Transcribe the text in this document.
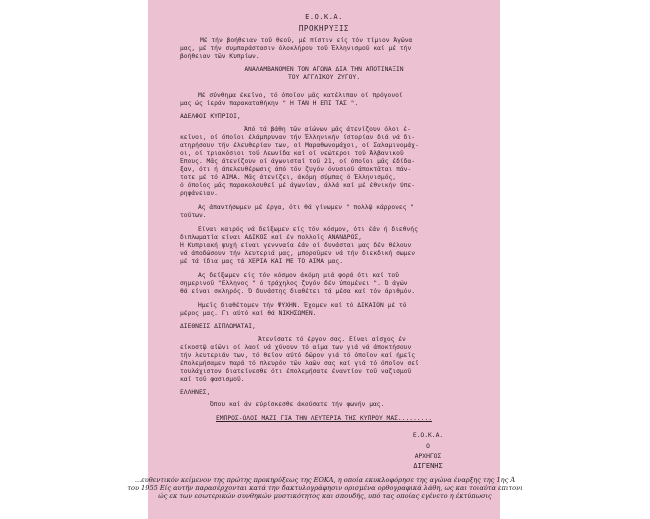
Ε.Ο.Κ.Α.
ΠΡΟΚΗΡΥΞΙΣ
Μέ τήν βοήθειαν τοῦ θεοῦ, μέ πίστιν είς τόν τίμιον Άγῶνα
μας, μέ τήν συμπαράστασιν όλοκλήρου τοῦ Έλληνισμοῦ καί μέ τήν
βοήθειαν τῶν Κυπρίων.
ΑΝΑΛΑΜΒΑΝΟΜΕΝ ΤΟΝ ΑΓΩΝΑ ΔΙΑ ΤΗΝ ΑΠΟΤΙΝΑΞΙΝ
ΤΟΥ ΑΓΓΛΙΚΟΥ ΖΥΓΟΥ.
Μέ σύνθημα έκεῖνο, τό όποῖον μᾶς κατέλιπαν οί πρόγονοί
μας ώς ίεράν παρακαταθήκην " Η ΤΑΝ Η ΕΠΙ ΤΑΣ ".
ΑΔΕΛΦΟΙ ΚΥΠΡΙΟΙ,
Άπό τά βάθη τῶν αίώνων μᾶς άτενίζουν όλοι έ-
κεῖνοι, οί όποῖοι έλάμπρυναν τήν Έλληνικήν ίστορίαν διά νά δι-
ατηρήσουν τήν έλευθερίαν των, οί Μαραθωνομάχοι, οί Σαλαμινομάχ-
οι, οί τριακόσιοι τοῦ Λεωνίδα καί οί νεώτεροι τοῦ Άλβανικοῦ
Έπους. Μᾶς άτενίζουν οί άγωνισταί τοῦ 21, οί όποῖοι μᾶς έδίδα-
ξαν, ότι ή άπελευθέρωσις άπό τόν ζυγόν όνυσιοῦ άποκτᾶται πάν-
τοτε μέ τό ΑΙΜΑ. Μᾶς άτενίζει, άκόμη σύμπας ό Έλληνισμός,
ό όποῖος μᾶς παρακολουθεῖ μέ άγωνίαν, άλλά καί μέ έθνικήν ύπε-
ρηφάνειαν.
Ας άπαντήσωμεν μέ έργα, ότι θά γίνωμεν " πολλῷ κάρρονες "
τούτων.
Είναι καιρός νά δείξωμεν είς τόν κόσμον, ότι έάν ή διεθνής
διπλωματία είναι ΑΔΙΚΟΣ καί έν πολλοῖς ΑΝΑΝΔΡΟΣ,
Ή Κυπριακή ψυχή είναι γεννναία έάν οί δυνάσται μας δέν θέλουν
νά άποδώσουν τήν λευτεριά μας, μποροῦμεν νά τήν διεκδική σωμεν
μέ τά ίδια μας τά ΧΕΡΙΑ ΚΑΙ ΜΕ ΤΟ ΑΙΜΑ μας.
Ας δείξωμεν είς τόν κόσμον άκόμη μιά φορά ότι καί τοῦ
σημερινοῦ "Ελληνος " ό τράχηλος ζυγόν δέν ύπομένει ". Ό άγών
θά είναι σκληρός. Ό δυνάστης διαθέτει τά μέσα καί τόν άριθμόν.
Ήμεῖς διαθέτομεν τήν ΨΥΧΗΝ. Έχομεν καί τό ΔΙΚΑΙΟΝ μέ τό
μέρος μας. Γι αύτό καί θά ΝΙΚΗΣΩΜΕΝ.
ΔΙΕΘΝΕΙΣ ΔΙΠΛΩΜΑΤΑΙ,
Άτενίσατε τό έργον σας. Είναι αίσχος έν
είκοστῷ αίῶνι οί λαοί νά χύνουν τό αίμα των γιά νά άποκτήσουν
τήν λευτεριάν των, τό θεῖον αύτό δῶρον γιά τό όποῖον καί ήμεῖς
έπολεμήσαμεν παρά τό πλευρόν τῶν λαῶν σας καί γιά τό όποῖον σεῖ
τουλάχιστον διατείνεσθε ότι έπολεμήσατε έναντίον τοῦ ναζισμοῦ
καί τοῦ φασισμοῦ.
ΕΛΛΗΝΕΣ,
Όπου καί άν εύρίσκεσθε άκούσατε τήν φωνήν μας.
ΕΜΠΡΟΣ-ΟΛΟΙ ΜΑΖΙ ΓΙΑ ΤΗΝ ΛΕΥΤΕΡΙΑ ΤΗΣ ΚΥΠΡΟΥ ΜΑΣ.........
Ε.Ο.Κ.Α.
Ο
ΑΡΧΗΓΟΣ
ΔΙΓΕΝΗΣ
...ευθεντικόν κείμενον της πρώτης προκηρύξεως της ΕΟΚΑ, η οποία εκυκλοφόρησε της αγώνα έναρξης της 1ης Ά
του 1955 Είς αυτήν παρασέρχονται κατά την δακτυλογράφησιν ορισμένα ορθογραφικά λάθη, ως και τοιαύτα επιτονι
ώς εκ των εσωτερικών συνθηκών μυστικότητος και σπουδής, υπό τας οποίας εγένετο η έκτύπωσις
